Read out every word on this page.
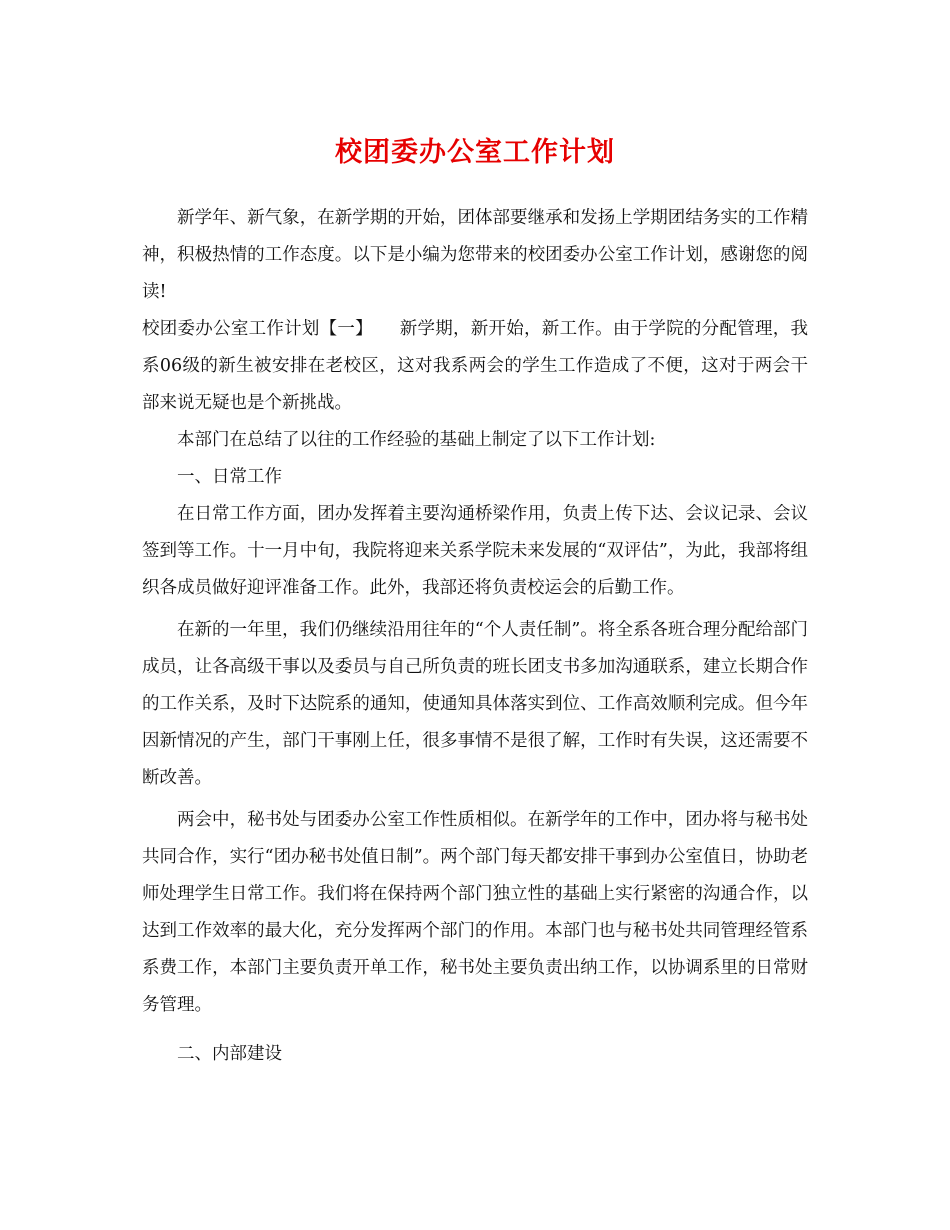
校团委办公室工作计划

新学年、新气象，在新学期的开始，团体部要继承和发扬上学期团结务实的工作精神，积极热情的工作态度。以下是小编为您带来的校团委办公室工作计划，感谢您的阅读!

校团委办公室工作计划【一】　　新学期，新开始，新工作。由于学院的分配管理，我系06级的新生被安排在老校区，这对我系两会的学生工作造成了不便，这对于两会干部来说无疑也是个新挑战。

本部门在总结了以往的工作经验的基础上制定了以下工作计划:

一、日常工作

在日常工作方面，团办发挥着主要沟通桥梁作用，负责上传下达、会议记录、会议签到等工作。十一月中旬，我院将迎来关系学院未来发展的“双评估”，为此，我部将组织各成员做好迎评准备工作。此外，我部还将负责校运会的后勤工作。

在新的一年里，我们仍继续沿用往年的“个人责任制”。将全系各班合理分配给部门成员，让各高级干事以及委员与自己所负责的班长团支书多加沟通联系，建立长期合作的工作关系，及时下达院系的通知，使通知具体落实到位、工作高效顺利完成。但今年因新情况的产生，部门干事刚上任，很多事情不是很了解，工作时有失误，这还需要不断改善。

两会中，秘书处与团委办公室工作性质相似。在新学年的工作中，团办将与秘书处共同合作，实行“团办秘书处值日制”。两个部门每天都安排干事到办公室值日，协助老师处理学生日常工作。我们将在保持两个部门独立性的基础上实行紧密的沟通合作，以达到工作效率的最大化，充分发挥两个部门的作用。本部门也与秘书处共同管理经管系系费工作，本部门主要负责开单工作，秘书处主要负责出纳工作，以协调系里的日常财务管理。

二、内部建设
